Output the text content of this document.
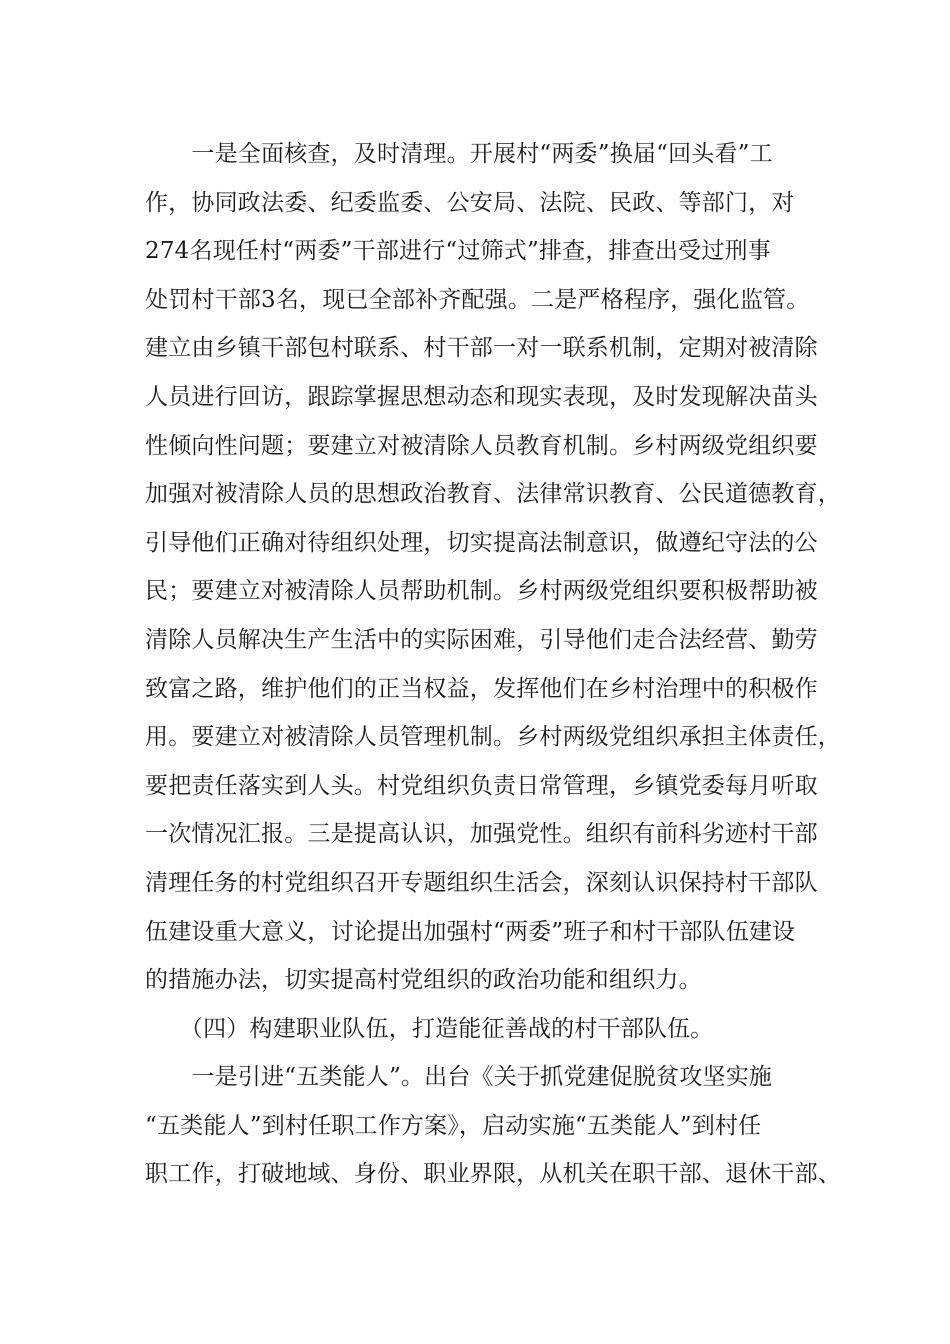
　　一是全面核查，及时清理。开展村“两委”换届“回头看”工
作，协同政法委、纪委监委、公安局、法院、民政、等部门，对
274名现任村“两委”干部进行“过筛式”排查，排查出受过刑事
处罚村干部3名，现已全部补齐配强。二是严格程序，强化监管。
建立由乡镇干部包村联系、村干部一对一联系机制，定期对被清除
人员进行回访，跟踪掌握思想动态和现实表现，及时发现解决苗头
性倾向性问题；要建立对被清除人员教育机制。乡村两级党组织要
加强对被清除人员的思想政治教育、法律常识教育、公民道德教育，
引导他们正确对待组织处理，切实提高法制意识，做遵纪守法的公
民；要建立对被清除人员帮助机制。乡村两级党组织要积极帮助被
清除人员解决生产生活中的实际困难，引导他们走合法经营、勤劳
致富之路，维护他们的正当权益，发挥他们在乡村治理中的积极作
用。要建立对被清除人员管理机制。乡村两级党组织承担主体责任，
要把责任落实到人头。村党组织负责日常管理，乡镇党委每月听取
一次情况汇报。三是提高认识，加强党性。组织有前科劣迹村干部
清理任务的村党组织召开专题组织生活会，深刻认识保持村干部队
伍建设重大意义，讨论提出加强村“两委”班子和村干部队伍建设
的措施办法，切实提高村党组织的政治功能和组织力。
　　（四）构建职业队伍，打造能征善战的村干部队伍。
　　一是引进“五类能人”。出台《关于抓党建促脱贫攻坚实施
“五类能人”到村任职工作方案》，启动实施“五类能人”到村任
职工作，打破地域、身份、职业界限，从机关在职干部、退休干部、
